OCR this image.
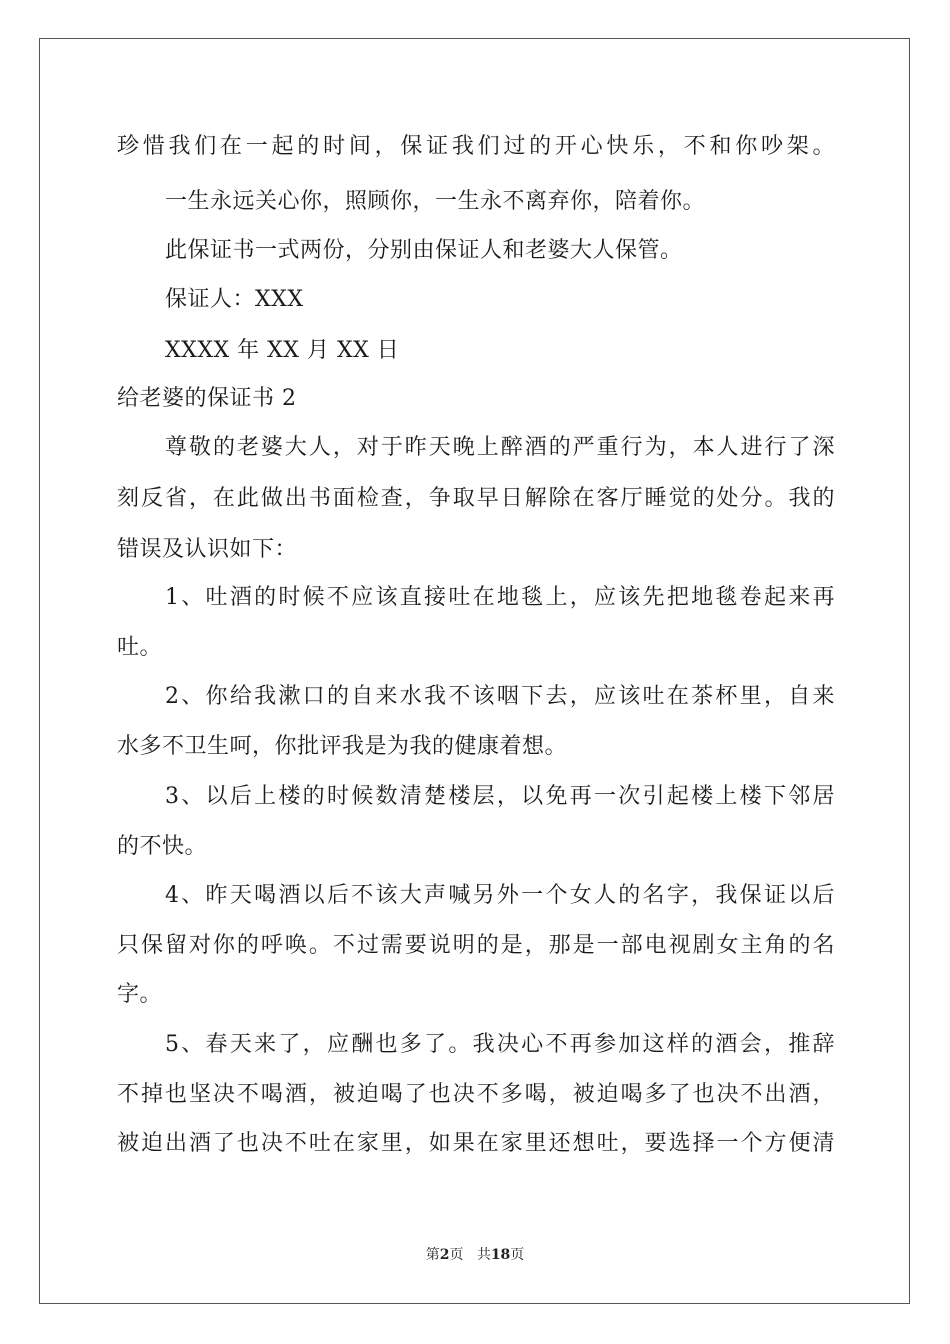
珍惜我们在一起的时间，保证我们过的开心快乐，不和你吵架。
一生永远关心你，照顾你，一生永不离弃你，陪着你。
此保证书一式两份，分别由保证人和老婆大人保管。
保证人：XXX
XXXX 年 XX 月 XX 日
给老婆的保证书 2
尊敬的老婆大人，对于昨天晚上醉酒的严重行为，本人进行了深
刻反省，在此做出书面检查，争取早日解除在客厅睡觉的处分。我的
错误及认识如下：
1、吐酒的时候不应该直接吐在地毯上，应该先把地毯卷起来再
吐。
2、你给我漱口的自来水我不该咽下去，应该吐在茶杯里，自来
水多不卫生呵，你批评我是为我的健康着想。
3、以后上楼的时候数清楚楼层，以免再一次引起楼上楼下邻居
的不快。
4、昨天喝酒以后不该大声喊另外一个女人的名字，我保证以后
只保留对你的呼唤。不过需要说明的是，那是一部电视剧女主角的名
字。
5、春天来了，应酬也多了。我决心不再参加这样的酒会，推辞
不掉也坚决不喝酒，被迫喝了也决不多喝，被迫喝多了也决不出酒，
被迫出酒了也决不吐在家里，如果在家里还想吐，要选择一个方便清
第2页 共18页
